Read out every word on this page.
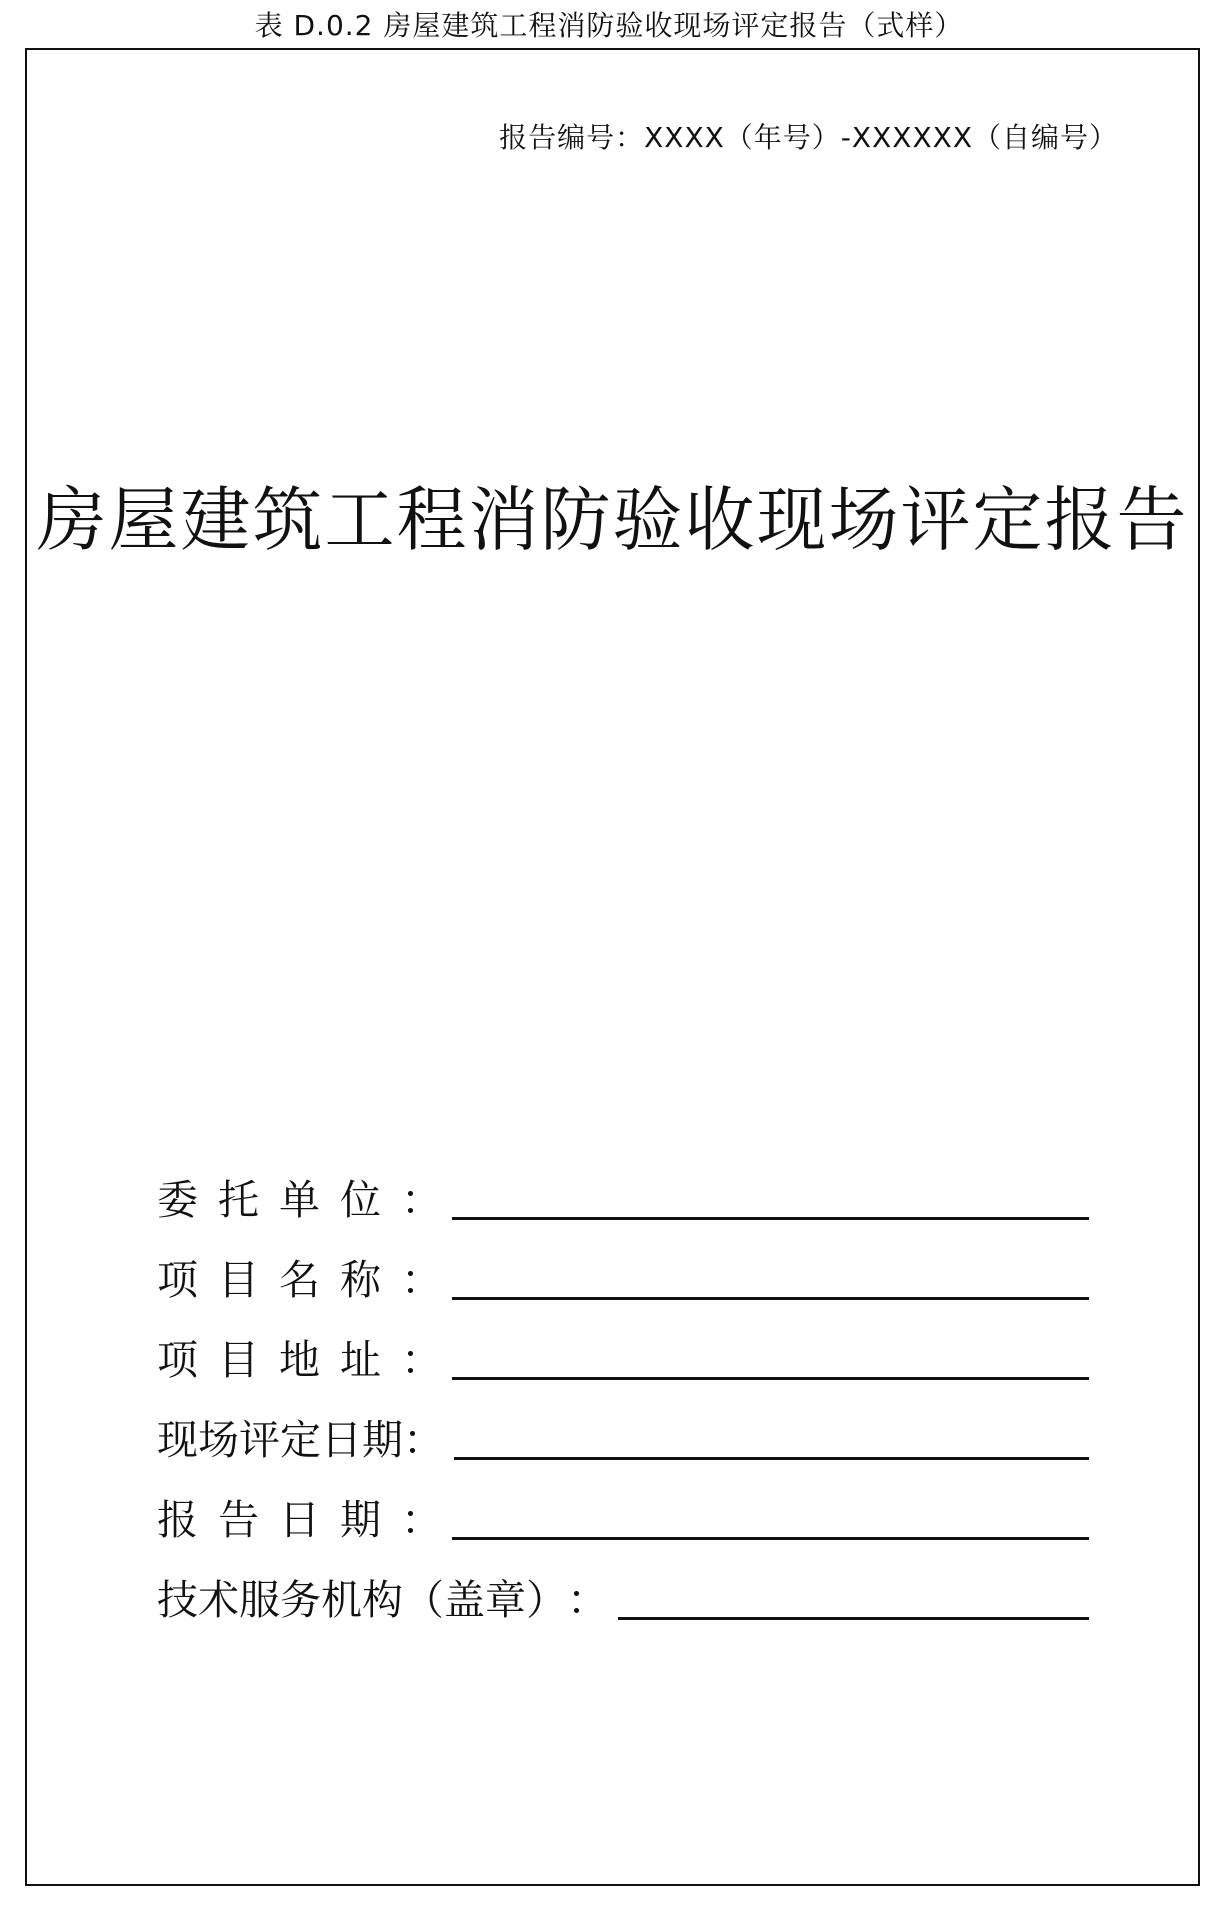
表 D.0.2 房屋建筑工程消防验收现场评定报告（式样）
报告编号：XXXX（年号）-XXXXXX（自编号）
房屋建筑工程消防验收现场评定报告
委托单位 ：
项目名称 ：
项目地址 ：
现场评定日期 ：
报告日期 ：
技术服务机构（盖章） ：
